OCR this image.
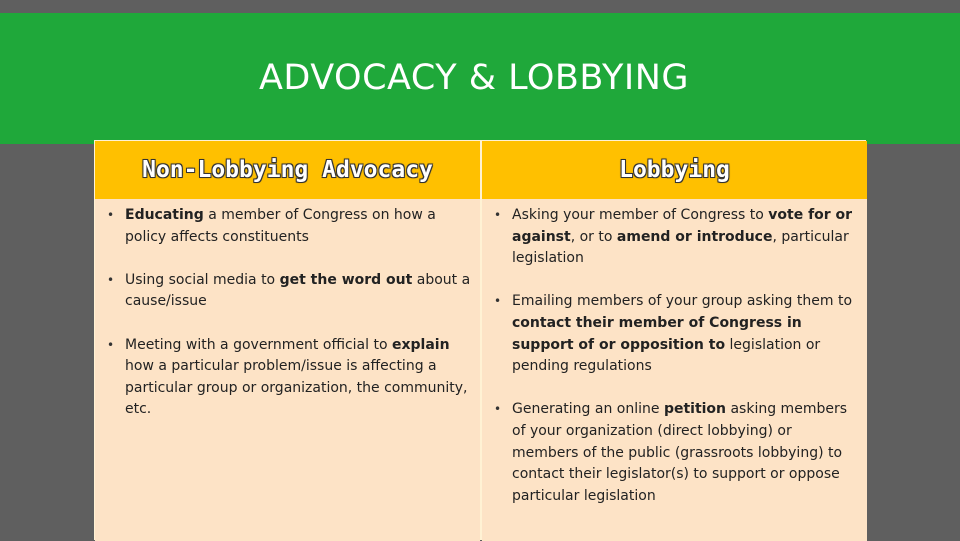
ADVOCACY & LOBBYING
Non-Lobbying Advocacy	Lobbying
• Educating a member of Congress on how a policy affects constituents
• Using social media to get the word out about a cause/issue
• Meeting with a government official to explain how a particular problem/issue is affecting a particular group or organization, the community, etc.
• Asking your member of Congress to vote for or against, or to amend or introduce, particular legislation
• Emailing members of your group asking them to contact their member of Congress in support of or opposition to legislation or pending regulations
• Generating an online petition asking members of your organization (direct lobbying) or members of the public (grassroots lobbying) to contact their legislator(s) to support or oppose particular legislation
